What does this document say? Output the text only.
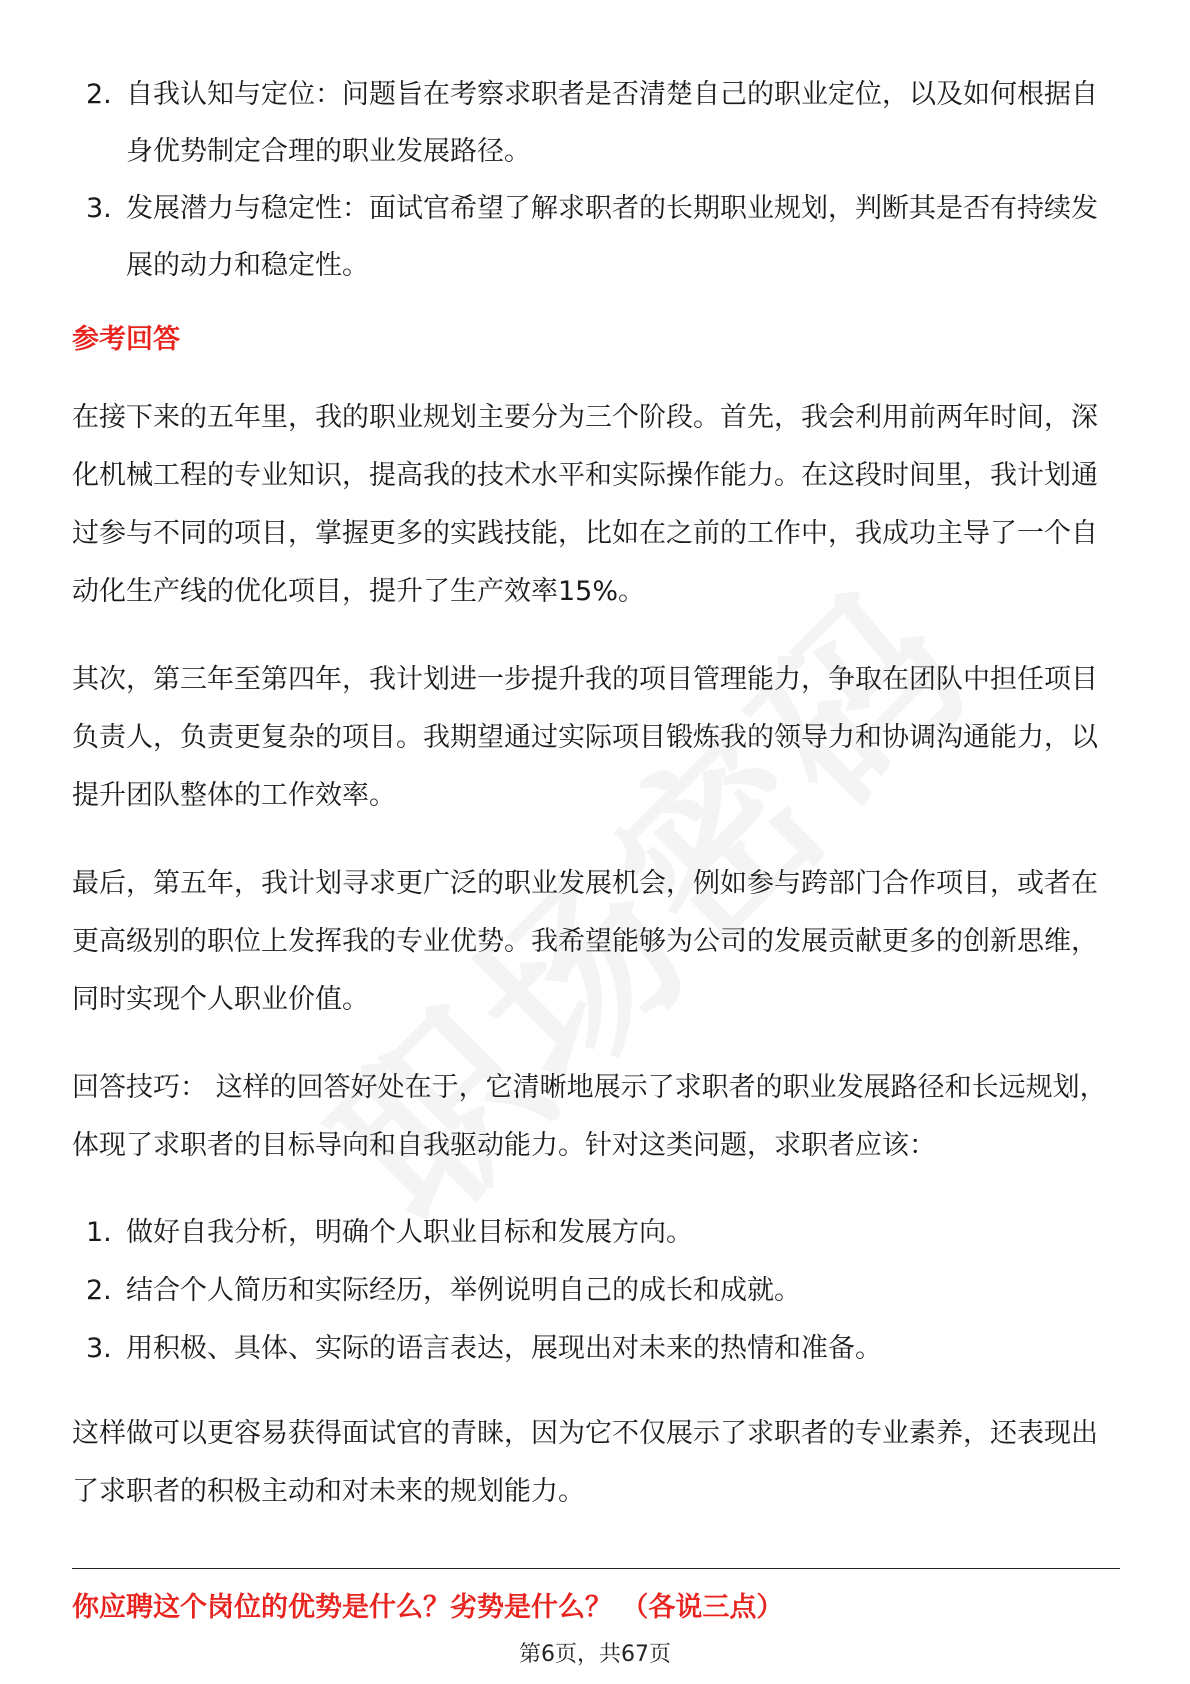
2. 自我认知与定位：问题旨在考察求职者是否清楚自己的职业定位，以及如何根据自身优势制定合理的职业发展路径。
3. 发展潜力与稳定性：面试官希望了解求职者的长期职业规划，判断其是否有持续发展的动力和稳定性。
参考回答

在接下来的五年里，我的职业规划主要分为三个阶段。首先，我会利用前两年时间，深化机械工程的专业知识，提高我的技术水平和实际操作能力。在这段时间里，我计划通过参与不同的项目，掌握更多的实践技能，比如在之前的工作中，我成功主导了一个自动化生产线的优化项目，提升了生产效率15%。

其次，第三年至第四年，我计划进一步提升我的项目管理能力，争取在团队中担任项目负责人，负责更复杂的项目。我期望通过实际项目锻炼我的领导力和协调沟通能力，以提升团队整体的工作效率。

最后，第五年，我计划寻求更广泛的职业发展机会，例如参与跨部门合作项目，或者在更高级别的职位上发挥我的专业优势。我希望能够为公司的发展贡献更多的创新思维，同时实现个人职业价值。

回答技巧： 这样的回答好处在于，它清晰地展示了求职者的职业发展路径和长远规划，体现了求职者的目标导向和自我驱动能力。针对这类问题，求职者应该：

1. 做好自我分析，明确个人职业目标和发展方向。
2. 结合个人简历和实际经历，举例说明自己的成长和成就。
3. 用积极、具体、实际的语言表达，展现出对未来的热情和准备。

这样做可以更容易获得面试官的青睐，因为它不仅展示了求职者的专业素养，还表现出了求职者的积极主动和对未来的规划能力。

你应聘这个岗位的优势是什么？劣势是什么？ （各说三点）
第6页，共67页
